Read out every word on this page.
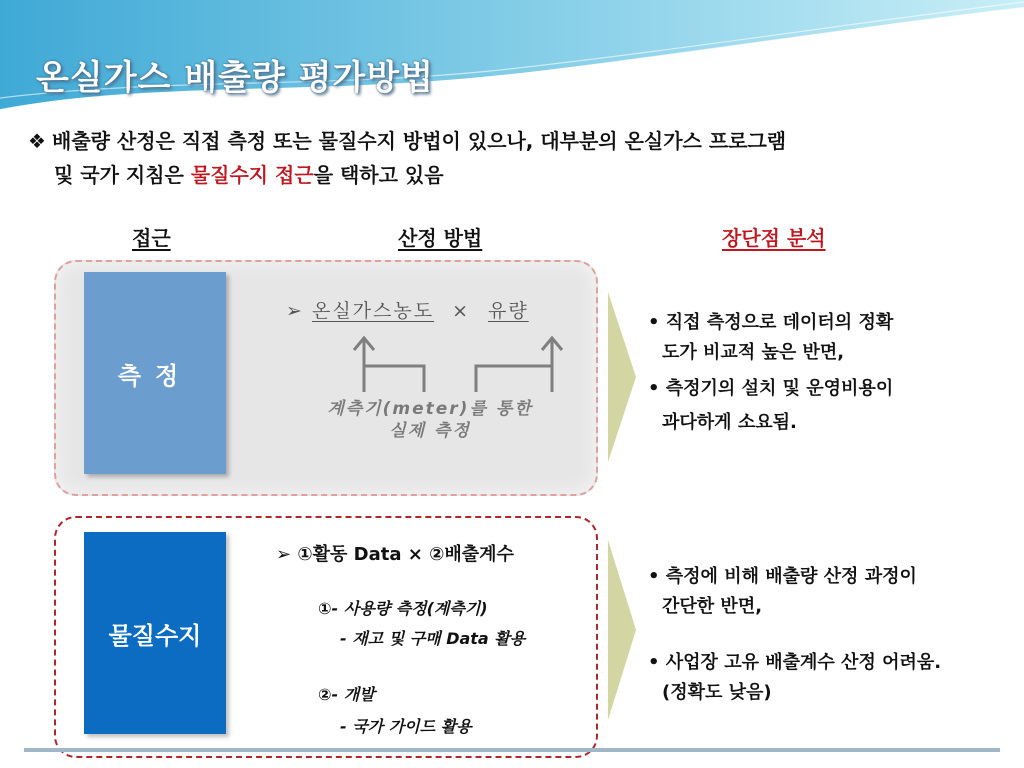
온실가스 배출량 평가방법
❖ 배출량 산정은 직접 측정 또는 물질수지 방법이 있으나, 대부분의 온실가스 프로그램
및 국가 지침은 물질수지 접근을 택하고 있음
접근	산정 방법	장단점 분석
측정
➢ 온실가스농도 × 유량
계측기(meter)를 통한
실제 측정
• 직접 측정으로 데이터의 정확
도가 비교적 높은 반면,
• 측정기의 설치 및 운영비용이
과다하게 소요됨.
물질수지
➢ ①활동 Data × ②배출계수
①- 사용량 측정(계측기)
- 재고 및 구매 Data 활용
②- 개발
- 국가 가이드 활용
• 측정에 비해 배출량 산정 과정이
간단한 반면,
• 사업장 고유 배출계수 산정 어려움.
(정확도 낮음)
